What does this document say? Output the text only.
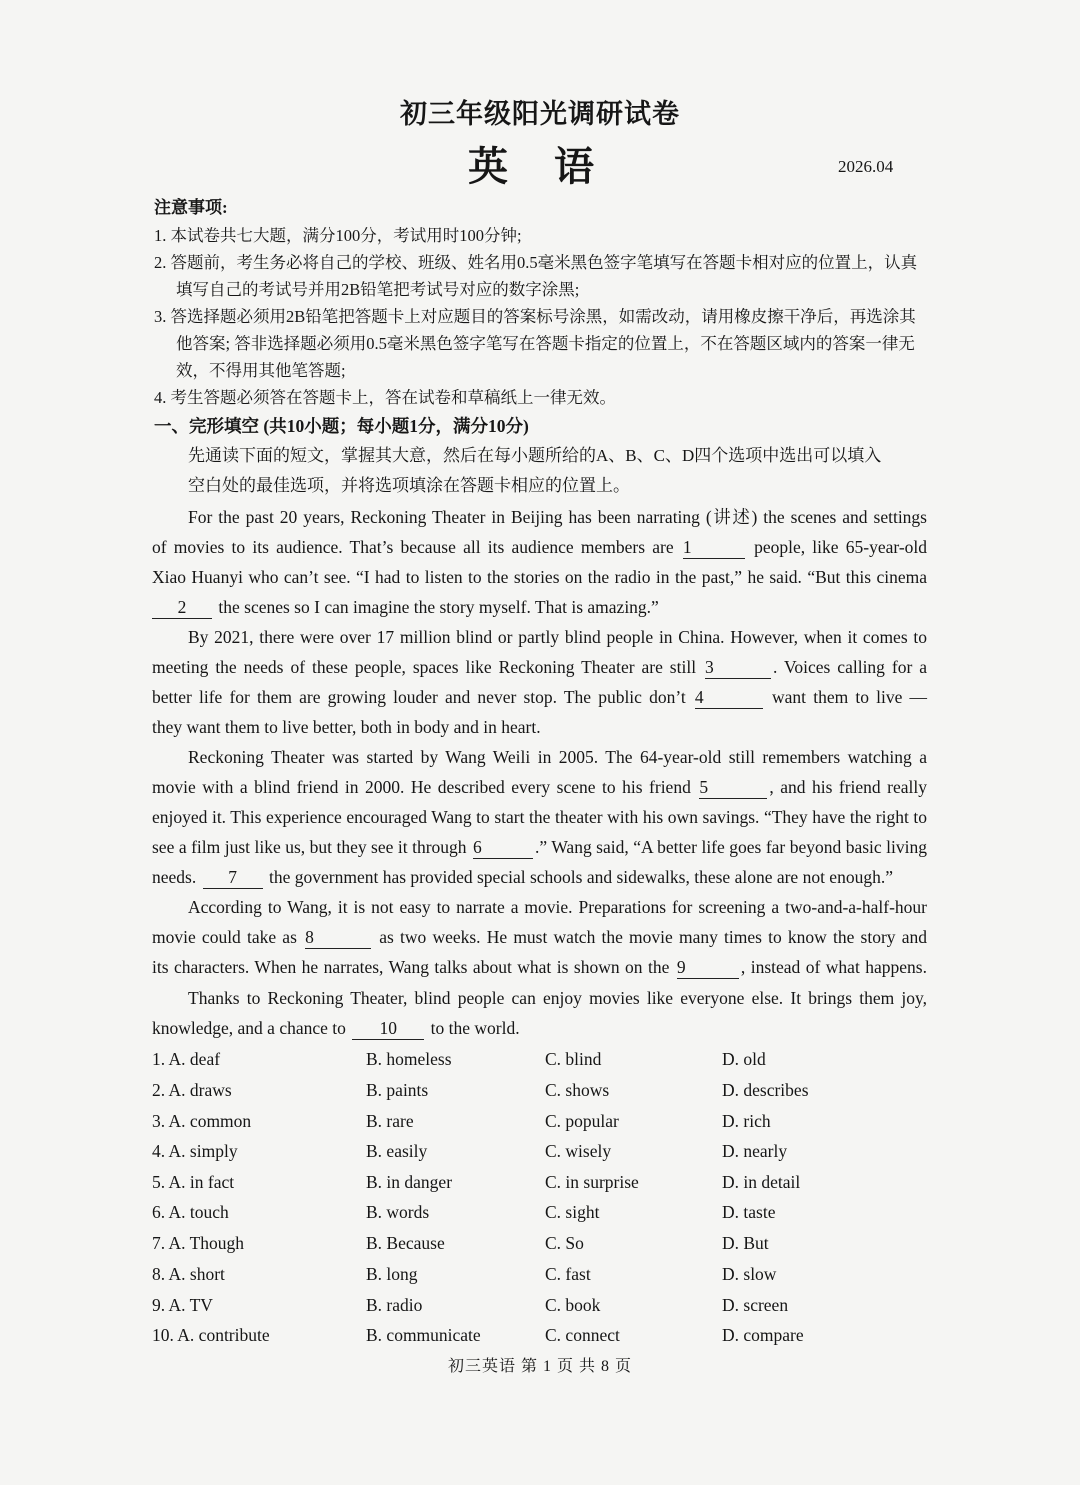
初三年级阳光调研试卷
英 语	2026.04
注意事项:
1. 本试卷共七大题，满分100分，考试用时100分钟;
2. 答题前，考生务必将自己的学校、班级、姓名用0.5毫米黑色签字笔填写在答题卡相对应的位置上，认真
填写自己的考试号并用2B铅笔把考试号对应的数字涂黑;
3. 答选择题必须用2B铅笔把答题卡上对应题目的答案标号涂黑，如需改动，请用橡皮擦干净后，再选涂其
他答案; 答非选择题必须用0.5毫米黑色签字笔写在答题卡指定的位置上，不在答题区域内的答案一律无
效，不得用其他笔答题;
4. 考生答题必须答在答题卡上，答在试卷和草稿纸上一律无效。
一、完形填空 (共10小题；每小题1分，满分10分)
先通读下面的短文，掌握其大意，然后在每小题所给的A、B、C、D四个选项中选出可以填入
空白处的最佳选项，并将选项填涂在答题卡相应的位置上。
For the past 20 years, Reckoning Theater in Beijing has been narrating (讲述) the scenes and settings
of movies to its audience. That’s because all its audience members are 1	people, like 65-year-old
Xiao Huanyi who can’t see. “I had to listen to the stories on the radio in the past,” he said. “But this cinema
2 the scenes so I can imagine the story myself. That is amazing.”
By 2021, there were over 17 million blind or partly blind people in China. However, when it comes to
meeting the needs of these people, spaces like Reckoning Theater are still 3	. Voices calling for a
better life for them are growing louder and never stop. The public don’t 4	want them to live —
they want them to live better, both in body and in heart.
Reckoning Theater was started by Wang Weili in 2005. The 64-year-old still remembers watching a
movie with a blind friend in 2000. He described every scene to his friend 5	, and his friend really
enjoyed it. This experience encouraged Wang to start the theater with his own savings. “They have the right to
see a film just like us, but they see it through 6	.” Wang said, “A better life goes far beyond basic living
needs. 7 the government has provided special schools and sidewalks, these alone are not enough.”
According to Wang, it is not easy to narrate a movie. Preparations for screening a two-and-a-half-hour
movie could take as 8	as two weeks. He must watch the movie many times to know the story and
its characters. When he narrates, Wang talks about what is shown on the 9	, instead of what happens.
Thanks to Reckoning Theater, blind people can enjoy movies like everyone else. It brings them joy,
knowledge, and a chance to 10 to the world.
1. A. deaf	B. homeless	C. blind	D. old
2. A. draws	B. paints	C. shows	D. describes
3. A. common	B. rare	C. popular	D. rich
4. A. simply	B. easily	C. wisely	D. nearly
5. A. in fact	B. in danger	C. in surprise	D. in detail
6. A. touch	B. words	C. sight	D. taste
7. A. Though	B. Because	C. So	D. But
8. A. short	B. long	C. fast	D. slow
9. A. TV	B. radio	C. book	D. screen
10. A. contribute	B. communicate	C. connect	D. compare
初三英语 第 1 页 共 8 页
